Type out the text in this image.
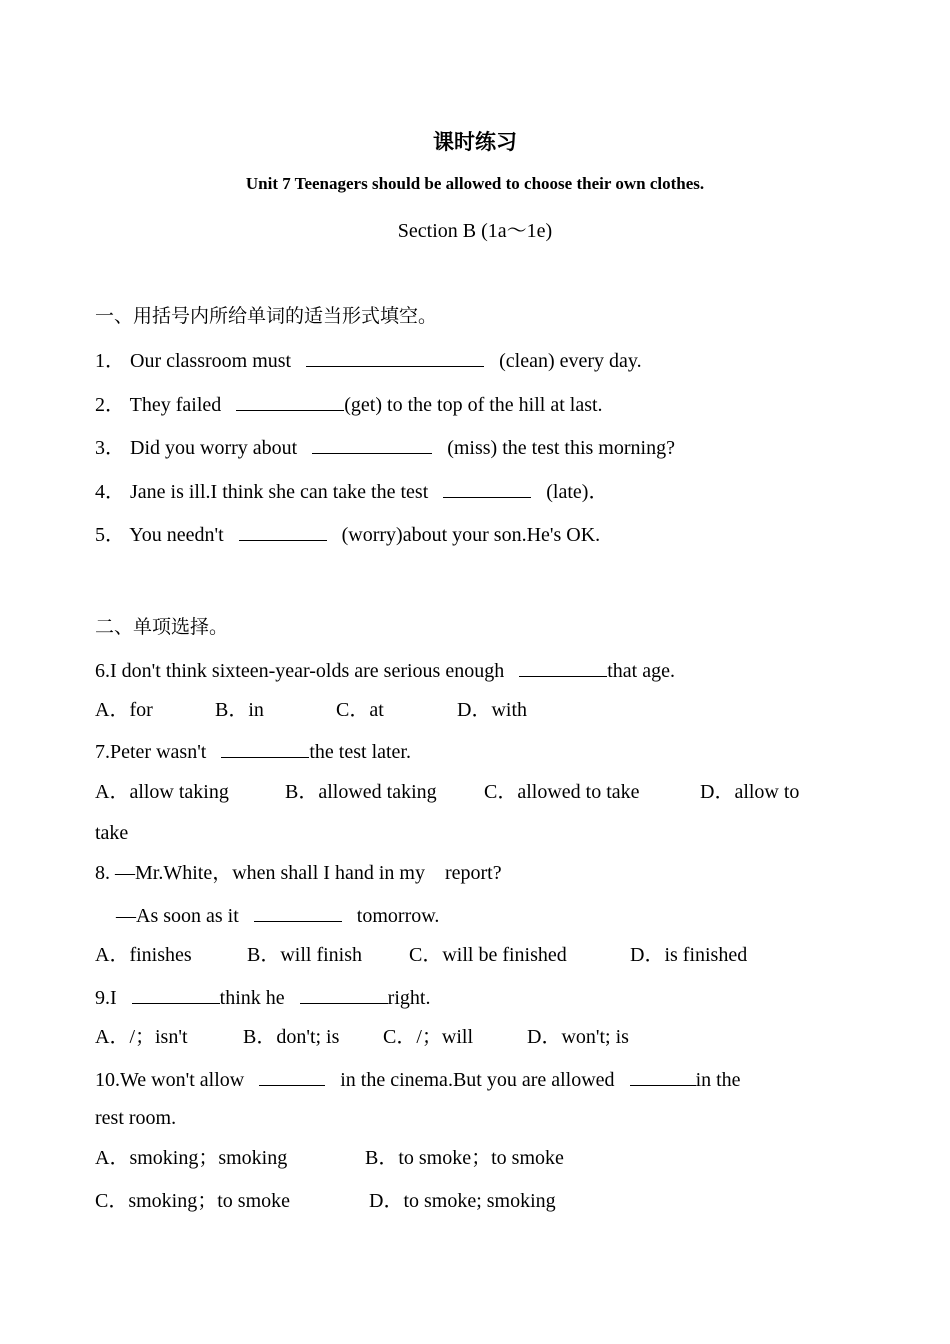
课时练习
Unit 7 Teenagers should be allowed to choose their own clothes.
Section B (1a～1e)
一、用括号内所给单词的适当形式填空。
1． Our classroom must	(clean) every day.
2． They failed	(get) to the top of the hill at last.
3． Did you worry about	(miss) the test this morning?
4． Jane is ill.I think she can take the test	(late)．
5． You needn't	(worry)about your son.He's OK.
二、单项选择。
6.I don't think sixteen-year-olds are serious enough	that age.
A．for	B．in	C．at	D．with
7.Peter wasn't	the test later.
A．allow taking	B．allowed taking C．allowed to take	D．allow to
take
8. —Mr.White，when shall I hand in my    report?
—As soon as it	tomorrow.
A．finishes	B．will finish C．will be finished	D．is finished
9.I	think he	right.
A．/；isn't	B．don't; is C．/；will	D．won't; is
10.We won't allow	in the cinema.But you are allowed	in the
rest room.
A．smoking；smoking	B．to smoke；to smoke
C．smoking；to smoke	D．to smoke; smoking
